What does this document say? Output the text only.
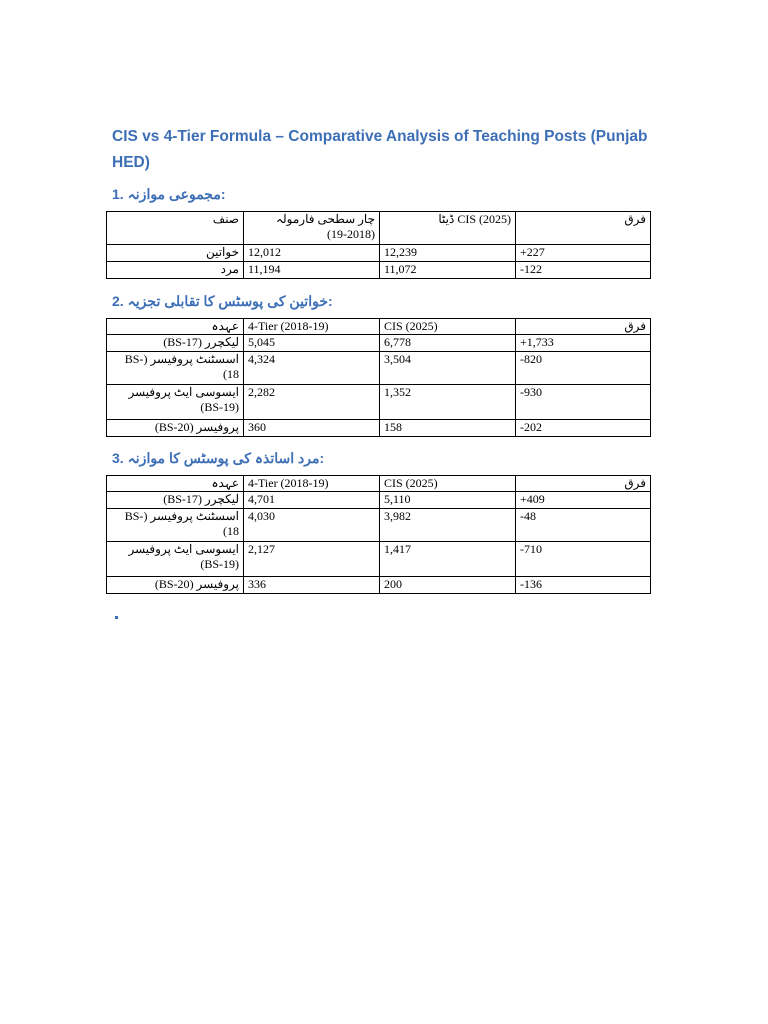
CIS vs 4-Tier Formula – Comparative Analysis of Teaching Posts (Punjab HED)
1. مجموعی موازنہ:
صنف	چار سطحی فارمولہ (2018-19)	CIS (2025) ڈیٹا	فرق
خواتین	12,012	12,239	+227
مرد	11,194	11,072	-122
2. خواتین کی پوسٹس کا تقابلی تجزیہ:
عہدہ	4-Tier (2018-19)	CIS (2025)	فرق
لیکچرر (BS-17)	5,045	6,778	+1,733
اسسٹنٹ پروفیسر (BS-18)	4,324	3,504	-820
ایسوسی ایٹ پروفیسر (BS-19)	2,282	1,352	-930
پروفیسر (BS-20)	360	158	-202
3. مرد اساتذہ کی پوسٹس کا موازنہ:
عہدہ	4-Tier (2018-19)	CIS (2025)	فرق
لیکچرر (BS-17)	4,701	5,110	+409
اسسٹنٹ پروفیسر (BS-18)	4,030	3,982	-48
ایسوسی ایٹ پروفیسر (BS-19)	2,127	1,417	-710
پروفیسر (BS-20)	336	200	-136
